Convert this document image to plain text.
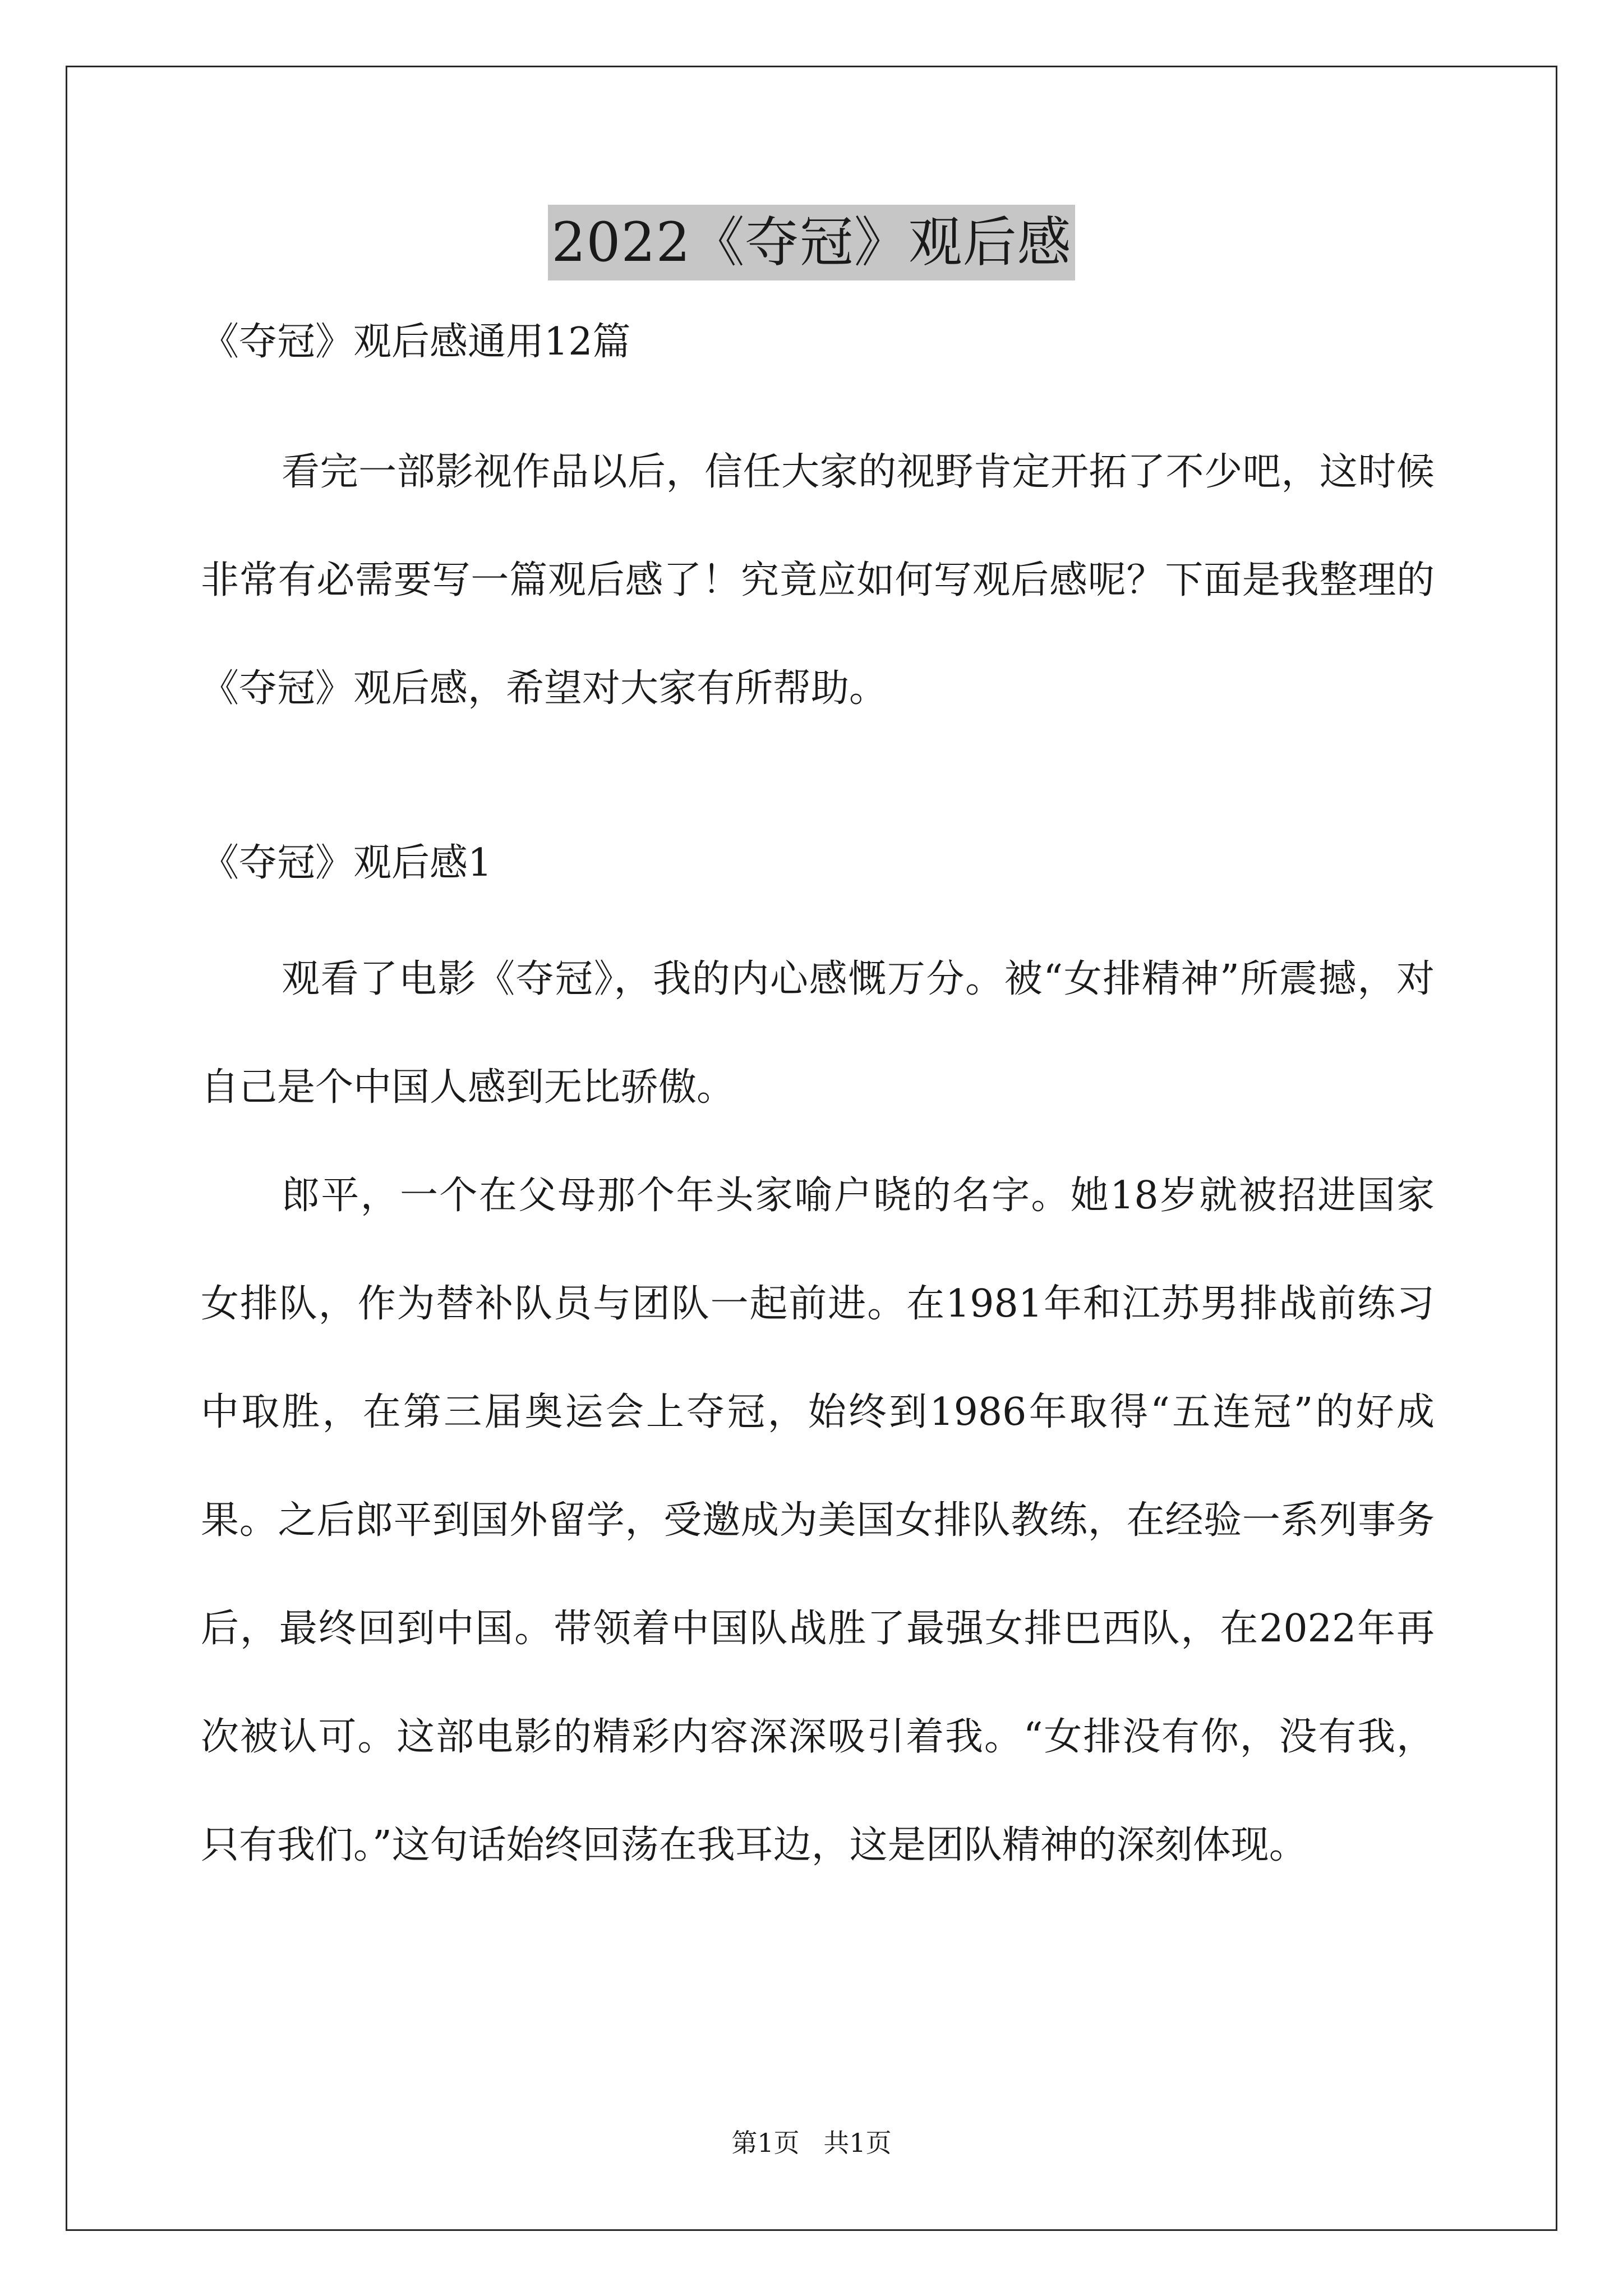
2022《夺冠》观后感

《夺冠》观后感通用12篇

看完一部影视作品以后，信任大家的视野肯定开拓了不少吧，这时候非常有必需要写一篇观后感了！究竟应如何写观后感呢？下面是我整理的《夺冠》观后感，希望对大家有所帮助。

《夺冠》观后感1

观看了电影《夺冠》，我的内心感慨万分。被“女排精神”所震撼，对自己是个中国人感到无比骄傲。

郎平，一个在父母那个年头家喻户晓的名字。她18岁就被招进国家女排队，作为替补队员与团队一起前进。在1981年和江苏男排战前练习中取胜，在第三届奥运会上夺冠，始终到1986年取得“五连冠”的好成果。之后郎平到国外留学，受邀成为美国女排队教练，在经验一系列事务后，最终回到中国。带领着中国队战胜了最强女排巴西队，在2022年再次被认可。这部电影的精彩内容深深吸引着我。“女排没有你，没有我，只有我们。”这句话始终回荡在我耳边，这是团队精神的深刻体现。

第1页 共1页
